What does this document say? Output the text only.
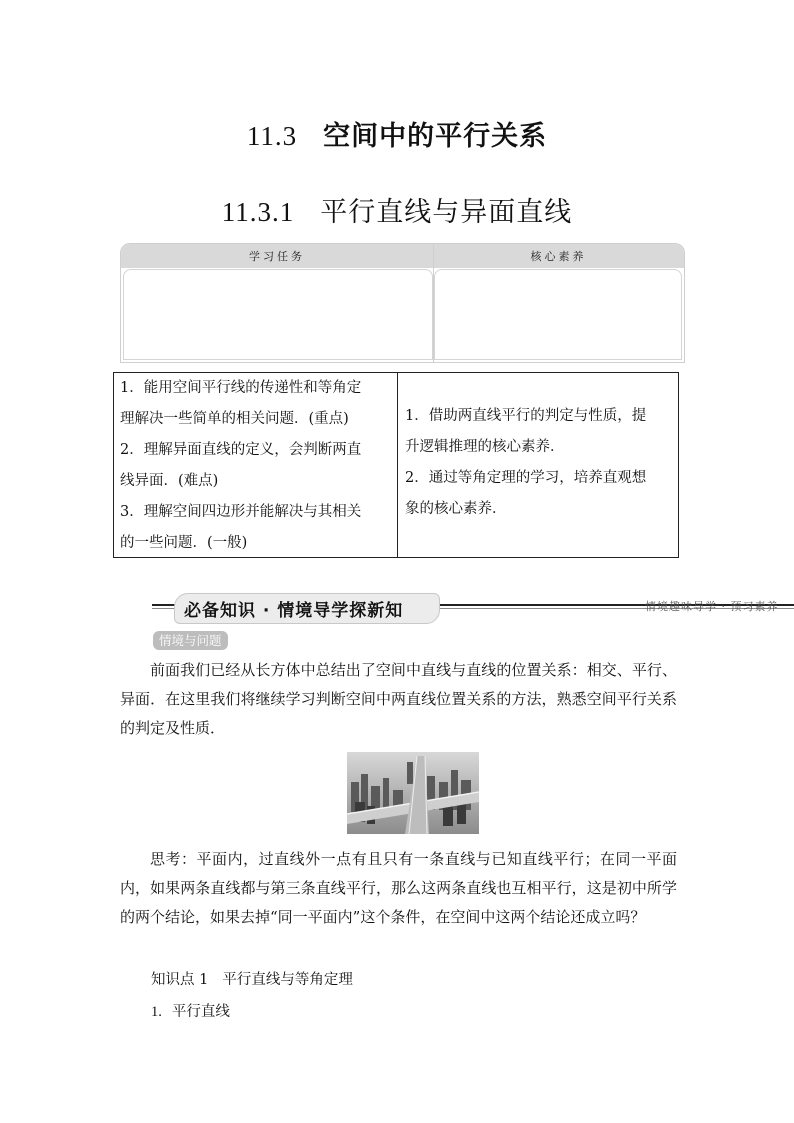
11.3 空间中的平行关系
11.3.1 平行直线与异面直线
学习任务	核心素养
1．能用空间平行线的传递性和等角定
理解决一些简单的相关问题．(重点)
2．理解异面直线的定义，会判断两直
线异面．(难点)
3．理解空间四边形并能解决与其相关
的一些问题．(一般)
1．借助两直线平行的判定与性质，提
升逻辑推理的核心素养．
2．通过等角定理的学习，培养直观想
象的核心素养．
必备知识 · 情境导学探新知	情境趣味导学 · 预习素养
情境与问题
前面我们已经从长方体中总结出了空间中直线与直线的位置关系：相交、平行、异面．在这里我们将继续学习判断空间中两直线位置关系的方法，熟悉空间平行关系的判定及性质．
思考：平面内，过直线外一点有且只有一条直线与已知直线平行；在同一平面内，如果两条直线都与第三条直线平行，那么这两条直线也互相平行，这是初中所学的两个结论，如果去掉“同一平面内”这个条件，在空间中这两个结论还成立吗？
知识点 1 平行直线与等角定理
1. 平行直线
